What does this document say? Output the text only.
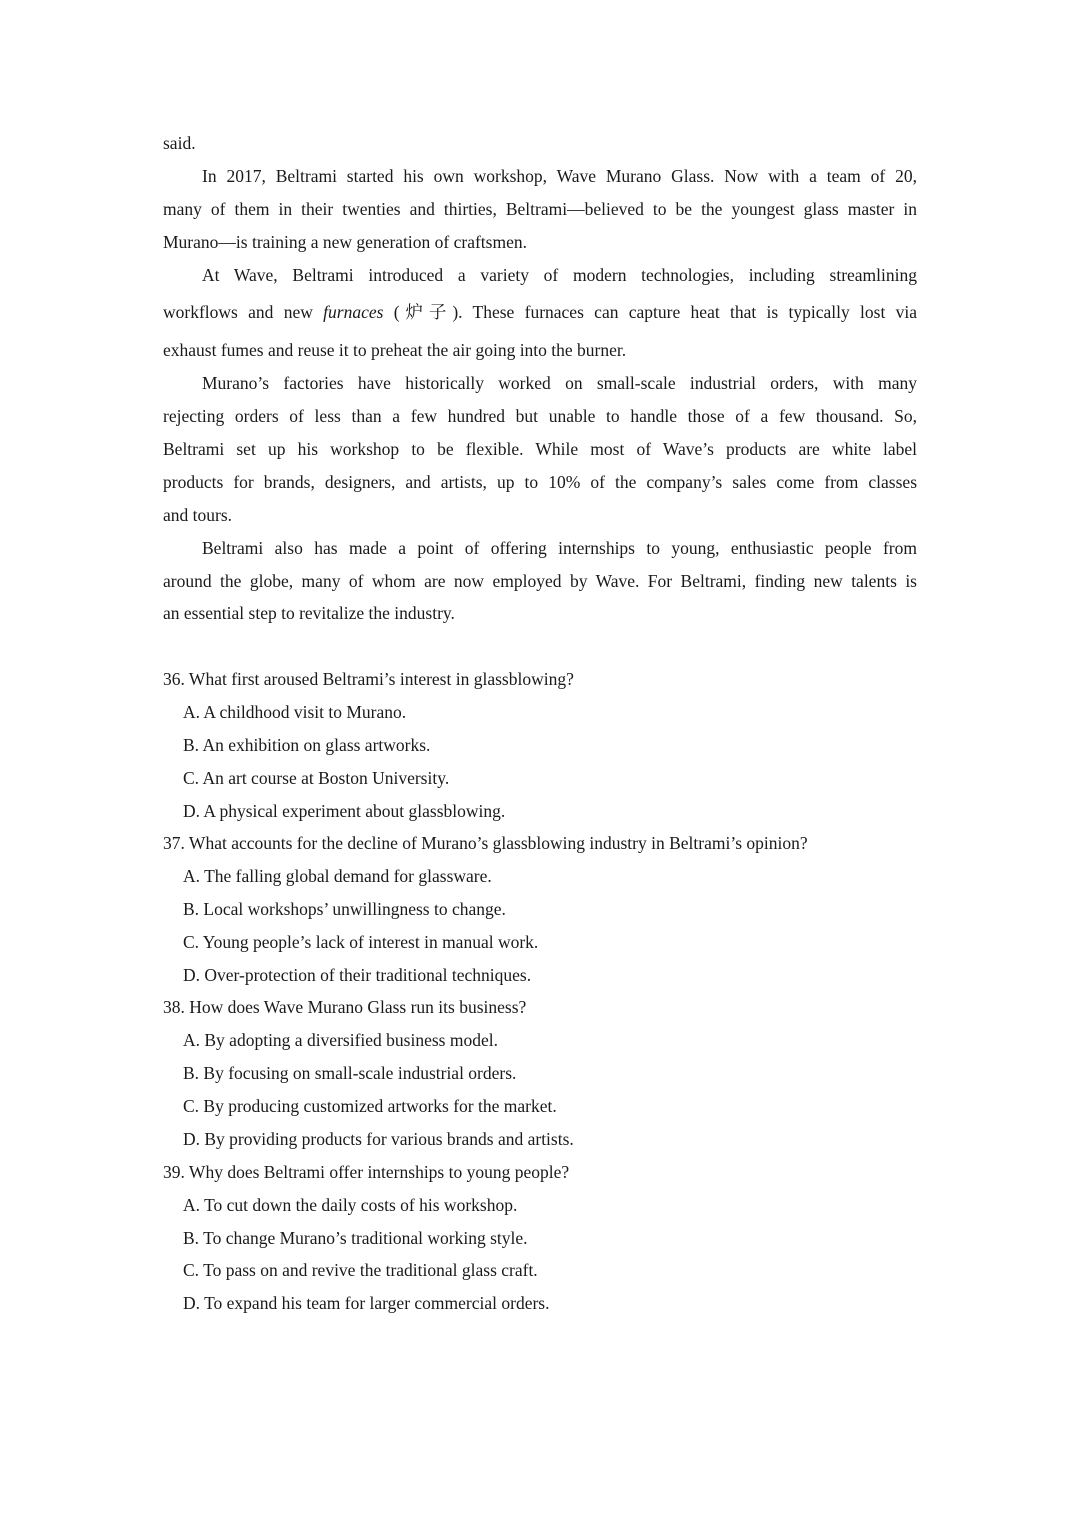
said.
In 2017, Beltrami started his own workshop, Wave Murano Glass. Now with a team of 20,
many of them in their twenties and thirties, Beltrami—believed to be the youngest glass master in
Murano—is training a new generation of craftsmen.
At Wave, Beltrami introduced a variety of modern technologies, including streamlining
workflows and new furnaces (炉子). These furnaces can capture heat that is typically lost via
exhaust fumes and reuse it to preheat the air going into the burner.
Murano’s factories have historically worked on small-scale industrial orders, with many
rejecting orders of less than a few hundred but unable to handle those of a few thousand. So,
Beltrami set up his workshop to be flexible. While most of Wave’s products are white label
products for brands, designers, and artists, up to 10% of the company’s sales come from classes
and tours.
Beltrami also has made a point of offering internships to young, enthusiastic people from
around the globe, many of whom are now employed by Wave. For Beltrami, finding new talents is
an essential step to revitalize the industry.
36. What first aroused Beltrami’s interest in glassblowing?
A. A childhood visit to Murano.
B. An exhibition on glass artworks.
C. An art course at Boston University.
D. A physical experiment about glassblowing.
37. What accounts for the decline of Murano’s glassblowing industry in Beltrami’s opinion?
A. The falling global demand for glassware.
B. Local workshops’ unwillingness to change.
C. Young people’s lack of interest in manual work.
D. Over-protection of their traditional techniques.
38. How does Wave Murano Glass run its business?
A. By adopting a diversified business model.
B. By focusing on small-scale industrial orders.
C. By producing customized artworks for the market.
D. By providing products for various brands and artists.
39. Why does Beltrami offer internships to young people?
A. To cut down the daily costs of his workshop.
B. To change Murano’s traditional working style.
C. To pass on and revive the traditional glass craft.
D. To expand his team for larger commercial orders.
